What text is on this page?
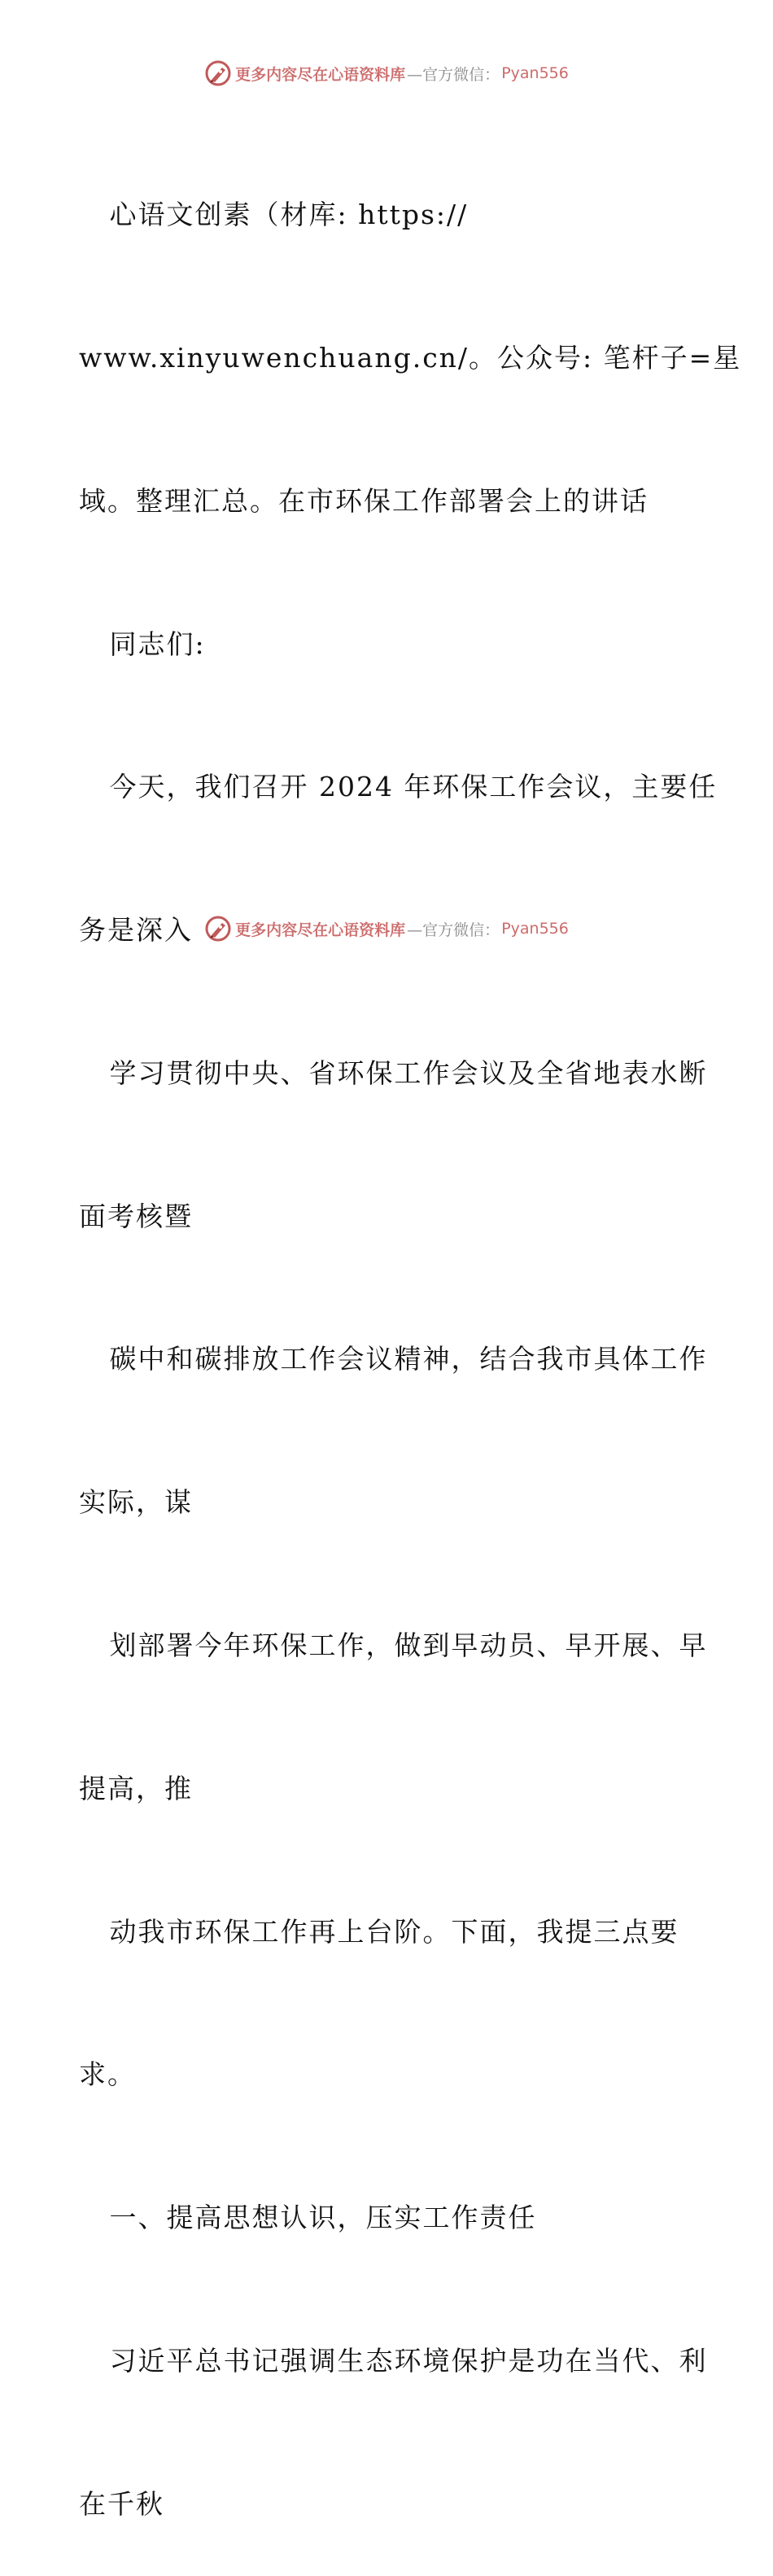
更多内容尽在心语资料库 —官方微信： Pyan556

心语文创素（材库: https://

www.xinyuwenchuang.cn/。公众号: 笔杆子=星

域。整理汇总。在市环保工作部署会上的讲话

同志们:

今天，我们召开 2024 年环保工作会议，主要任

务是深入

学习贯彻中央、省环保工作会议及全省地表水断

面考核暨

碳中和碳排放工作会议精神，结合我市具体工作

实际，谋

划部署今年环保工作，做到早动员、早开展、早

提高，推

动我市环保工作再上台阶。下面，我提三点要

求。

一、提高思想认识，压实工作责任

习近平总书记强调生态环境保护是功在当代、利

在千秋

更多内容尽在心语资料库 —官方微信： Pyan556
